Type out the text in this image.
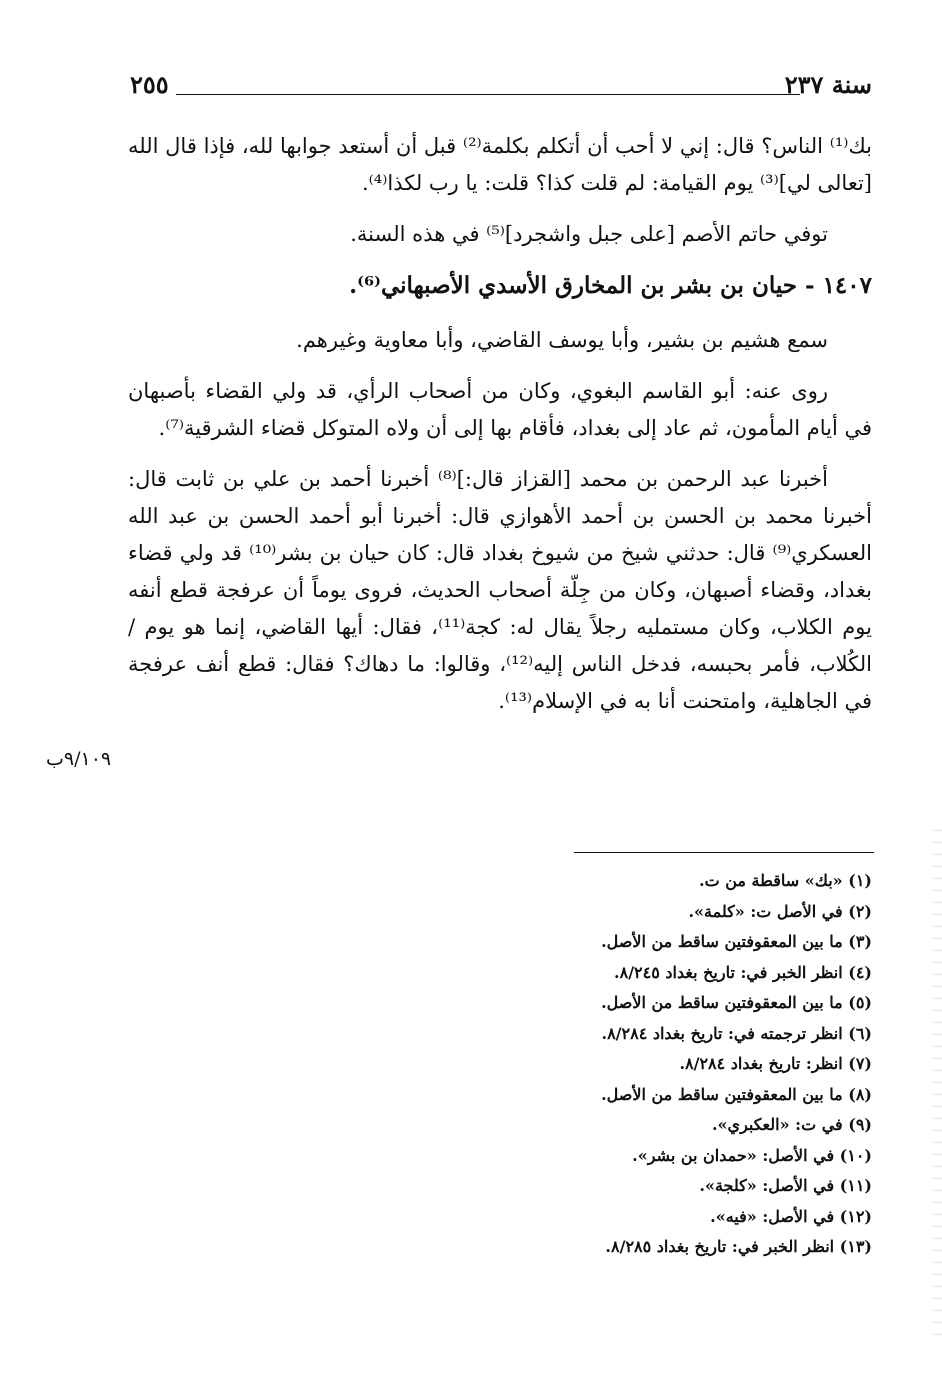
٢٥٥	سنة ٢٣٧

بك⁽¹⁾ الناس؟ قال: إني لا أحب أن أتكلم بكلمة⁽²⁾ قبل أن أستعد جوابها لله، فإذا قال الله [تعالى لي]⁽³⁾ يوم القيامة: لم قلت كذا؟ قلت: يا رب لكذا⁽⁴⁾.

توفي حاتم الأصم [على جبل واشجرد]⁽⁵⁾ في هذه السنة.

١٤٠٧ - حيان بن بشر بن المخارق الأسدي الأصبهاني⁽⁶⁾.

سمع هشيم بن بشير، وأبا يوسف القاضي، وأبا معاوية وغيرهم.

روى عنه: أبو القاسم البغوي، وكان من أصحاب الرأي، قد ولي القضاء بأصبهان في أيام المأمون، ثم عاد إلى بغداد، فأقام بها إلى أن ولاه المتوكل قضاء الشرقية⁽⁷⁾.

أخبرنا عبد الرحمن بن محمد [القزاز قال:]⁽⁸⁾ أخبرنا أحمد بن علي بن ثابت قال: أخبرنا محمد بن الحسن بن أحمد الأهوازي قال: أخبرنا أبو أحمد الحسن بن عبد الله العسكري⁽⁹⁾ قال: حدثني شيخ من شيوخ بغداد قال: كان حيان بن بشر⁽¹⁰⁾ قد ولي قضاء بغداد، وقضاء أصبهان، وكان من جِلّة أصحاب الحديث، فروى يوماً أن عرفجة قطع أنفه يوم الكلاب، وكان مستمليه رجلاً يقال له: كجة⁽¹¹⁾، فقال: أيها القاضي، إنما هو يوم / الكُلاب، فأمر بحبسه، فدخل الناس إليه⁽¹²⁾، وقالوا: ما دهاك؟ فقال: قطع أنف عرفجة في الجاهلية، وامتحنت أنا به في الإسلام⁽¹³⁾.

٩/١٠٩ب

(١) «بك» ساقطة من ت.

(٢) في الأصل ت: «كلمة».

(٣) ما بين المعقوفتين ساقط من الأصل.

(٤) انظر الخبر في: تاريخ بغداد ٨/٢٤٥.

(٥) ما بين المعقوفتين ساقط من الأصل.

(٦) انظر ترجمته في: تاريخ بغداد ٨/٢٨٤.

(٧) انظر: تاريخ بغداد ٨/٢٨٤.

(٨) ما بين المعقوفتين ساقط من الأصل.

(٩) في ت: «العكبري».

(١٠) في الأصل: «حمدان بن بشر».

(١١) في الأصل: «كلجة».

(١٢) في الأصل: «فيه».

(١٣) انظر الخبر في: تاريخ بغداد ٨/٢٨٥.
